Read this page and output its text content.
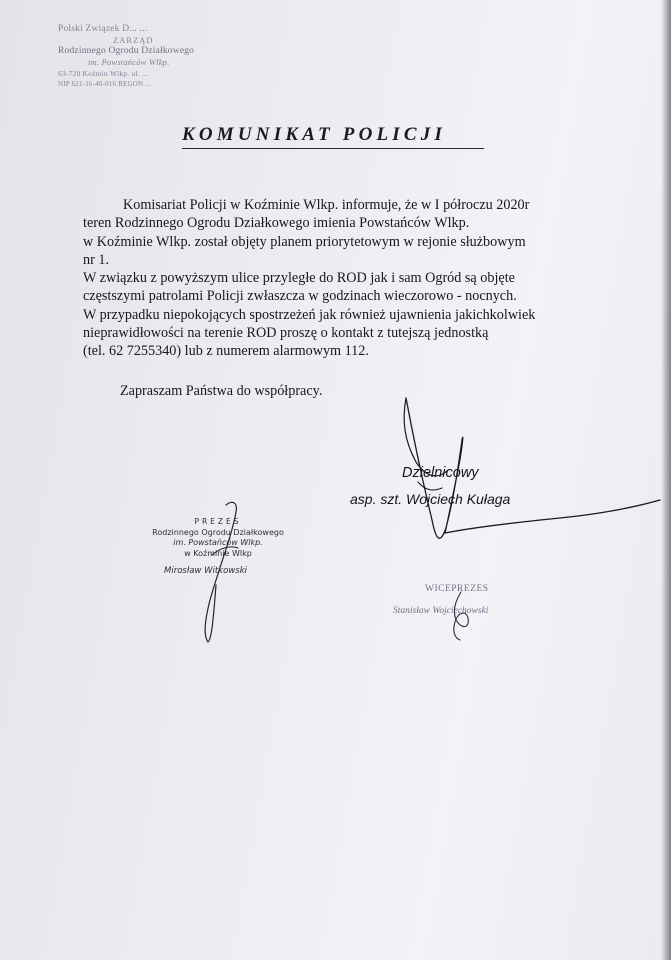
Polski Związek D... ...
ZARZĄD
Rodzinnego Ogrodu Działkowego
im. Powstańców Wlkp.
63-720 Koźmin Wlkp. ul. ...
NIP 621-16-40-016 REGON ...
KOMUNIKAT POLICJI

Komisariat Policji w Koźminie Wlkp. informuje, że w I półroczu 2020r

teren Rodzinnego Ogrodu Działkowego imienia Powstańców Wlkp.

w Koźminie Wlkp. został objęty planem priorytetowym w rejonie służbowym

nr 1.

W związku z powyższym ulice przyległe do ROD jak i sam Ogród są objęte

częstszymi patrolami Policji zwłaszcza w godzinach wieczorowo - nocnych.

W przypadku niepokojących spostrzeżeń jak również ujawnienia jakichkolwiek

nieprawidłowości na terenie ROD proszę o kontakt z tutejszą jednostką

(tel. 62 7255340) lub z numerem alarmowym 112.

Zapraszam Państwa do współpracy.
Dzielnicowy
asp. szt. Wojciech Kułaga
PREZES
Rodzinnego Ogrodu Działkowego
im. Powstańców Wlkp.
w Koźminie Wlkp
Mirosław Witkowski
WICEPREZES
Stanisław Wojciechowski
